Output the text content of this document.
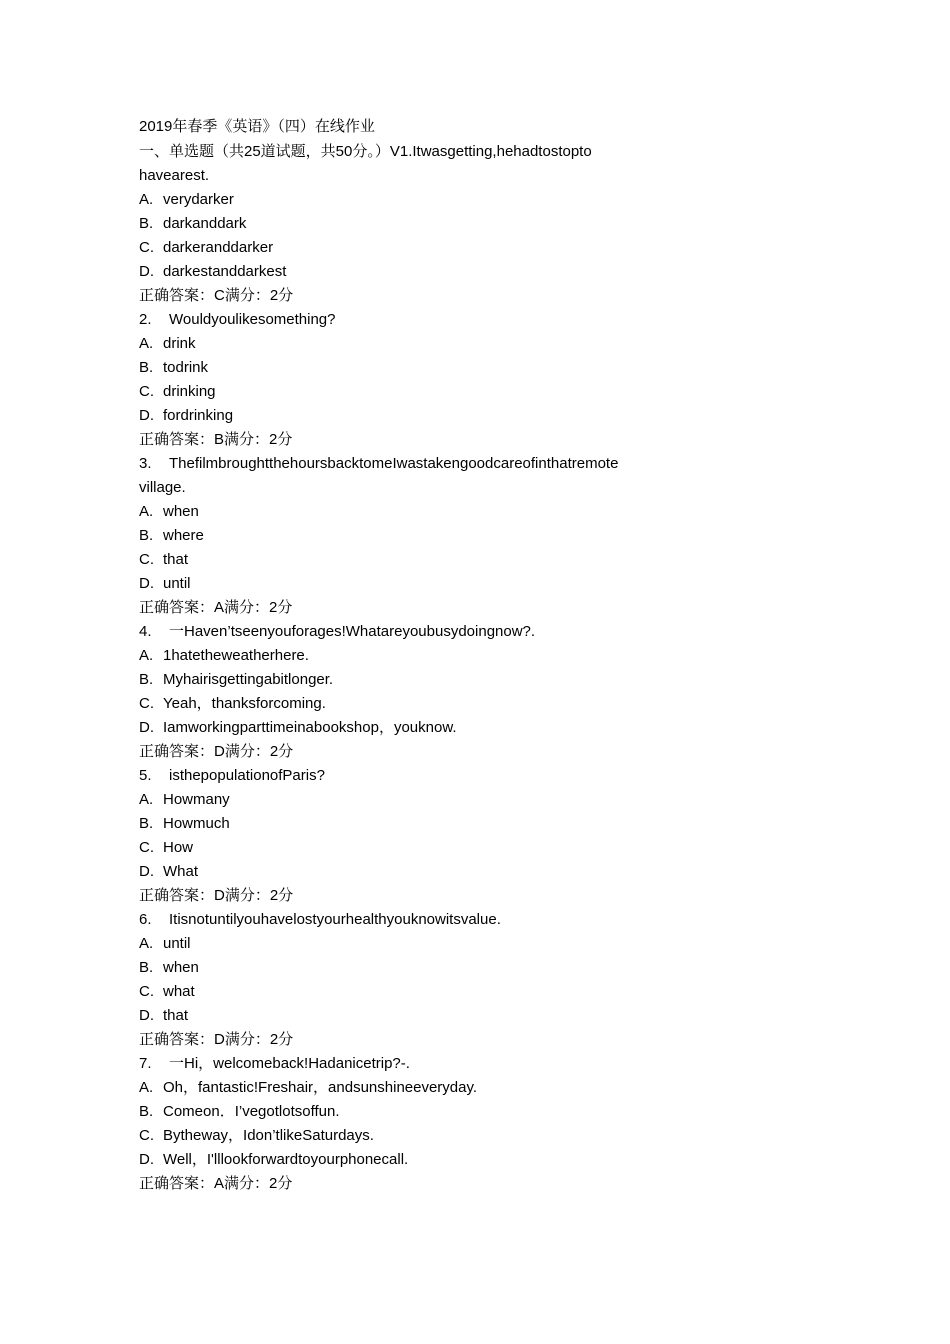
2019年春季《英语》（四）在线作业
一、单选题（共25道试题，共50分。）V1.Itwasgetting,hehadtostopto
havearest.
A. verydarker
B. darkanddark
C. darkeranddarker
D. darkestanddarkest
正确答案：C满分：2分
2. Wouldyoulikesomething?
A. drink
B. todrink
C. drinking
D. fordrinking
正确答案：B满分：2分
3. ThefilmbroughtthehoursbacktomeIwastakengoodcareofinthatremote
village.
A. when
B. where
C. that
D. until
正确答案：A满分：2分
4. 一Haven’tseenyouforages!Whatareyoubusydoingnow?.
A. 1hatetheweatherhere.
B. Myhairisgettingabitlonger.
C. Yeah，thanksforcoming.
D. Iamworkingparttimeinabookshop，youknow.
正确答案：D满分：2分
5. isthepopulationofParis?
A. Howmany
B. Howmuch
C. How
D. What
正确答案：D满分：2分
6. Itisnotuntilyouhavelostyourhealthyouknowitsvalue.
A. until
B. when
C. what
D. that
正确答案：D满分：2分
7. 一Hi，welcomeback!Hadanicetrip?-.
A. Oh，fantastic!Freshair，andsunshineeveryday.
B. Comeon．I’vegotlotsoffun.
C. Bytheway，Idon’tlikeSaturdays.
D. Well，I'lllookforwardtoyourphonecall.
正确答案：A满分：2分
